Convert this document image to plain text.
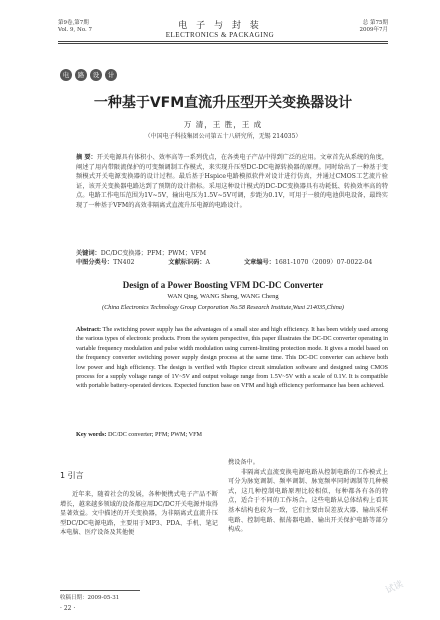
第9卷,第7期
Vol. 9, No. 7	电 子 与 封 装
ELECTRONICS & PACKAGING
总 第75期
2009年7月
电 路 设 计
一种基于VFM直流升压型开关变换器设计
万 清，王 胜，王 成
（中国电子科技集团公司第五十八研究所，无锡 214035）
摘 要：开关电源具有体积小、效率高等一系列优点，在各类电子产品中得到广泛的应用。文章首先从系统的角度，阐述了用内带限流保护的可变频调制工作模式，来实现升压型DC-DC电源转换器的原理。同时给出了一种基于变频模式开关电源变换器的设计过程。最后基于Hspice电路模拟软件对设计进行仿真，并通过CMOS工艺流片验证，该开关变换器电路达到了预期的设计指标。采用这种设计模式的DC-DC变换器具有功耗低、转换效率高的特点。电路工作电压范围为1V~5V，输出电压为1.5V~5V可调，步距为0.1V，可用于一般的电池供电设备，最终实现了一种基于VFM的高效非隔离式直流升压电源的电路设计。
关键词：DC/DC变换器；PFM；PWM；VFM
中图分类号：TN402	文献标识码：A	文章编号：1681-1070（2009）07-0022-04
Design of a Power Boosting VFM DC-DC Converter
WAN Qing, WANG Sheng, WANG Cheng
(China Electronics Technology Group Corporation No.58 Research Institute,Wuxi 214035,China)
Abstract: The switching power supply has the advantages of a small size and high efficiency. It has been widely used among the various types of electronic products. From the system perspective, this paper illustrates the DC-DC converter operating in variable frequency modulation and pulse width modulation using current-limiting protection mode. It gives a model based on the frequency converter switching power supply design process at the same time. This DC-DC converter can achieve both low power and high efficiency. The design is verified with Hspice circuit simulation software and designed using CMOS process for a supply voltage range of 1V~5V and output voltage range from 1.5V~5V with a scale of 0.1V. It is compatible with portable battery-operated devices. Expected function base on VFM and high efficiency performance has been achieved.
Key words: DC/DC converter; PFM; PWM; VFM
1 引言
近年来，随着社会的发展，各种便携式电子产品不断增长，越来越多领域的设备都应用DC/DC开关电源并取得显著效益。文中描述的开关变换器，为非隔离式直流升压型DC/DC电源电路，主要用于MP3、PDA、手机、笔记本电脑、医疗设备及其他便
携设备中。
　　非隔离式直流变换电源电路从控制电路的工作模式上可分为脉宽调制、频率调制、脉宽频率同时调制等几种模式，这几种控制电路原理比较相似，每种都各有各的特点，适合于不同的工作场合。这些电路从总体结构上看其基本结构也较为一致，它们主要由误差放大器、输出采样电路、控制电路、振荡器电路、输出开关保护电路等部分构成。
收稿日期：2009-05-31
· 22 ·
试读
